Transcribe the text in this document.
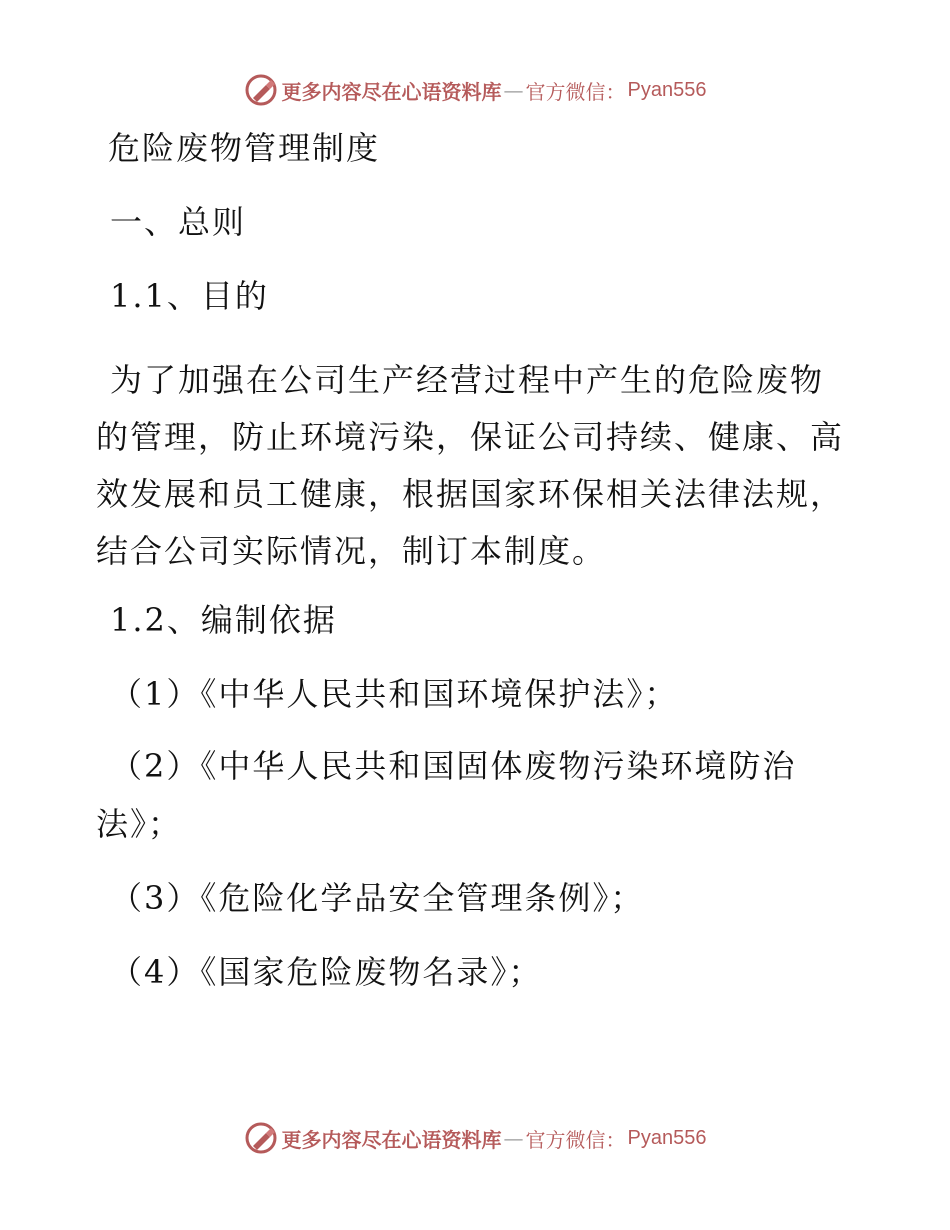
更多内容尽在心语资料库 — 官方微信： Pyan556
危险废物管理制度
一、总则
1.1、目的
为了加强在公司生产经营过程中产生的危险废物
的管理，防止环境污染，保证公司持续、健康、高
效发展和员工健康，根据国家环保相关法律法规，
结合公司实际情况，制订本制度。
1.2、编制依据
（1）《中华人民共和国环境保护法》；
（2）《中华人民共和国固体废物污染环境防治
法》；
（3）《危险化学品安全管理条例》；
（4）《国家危险废物名录》；
更多内容尽在心语资料库 — 官方微信： Pyan556
